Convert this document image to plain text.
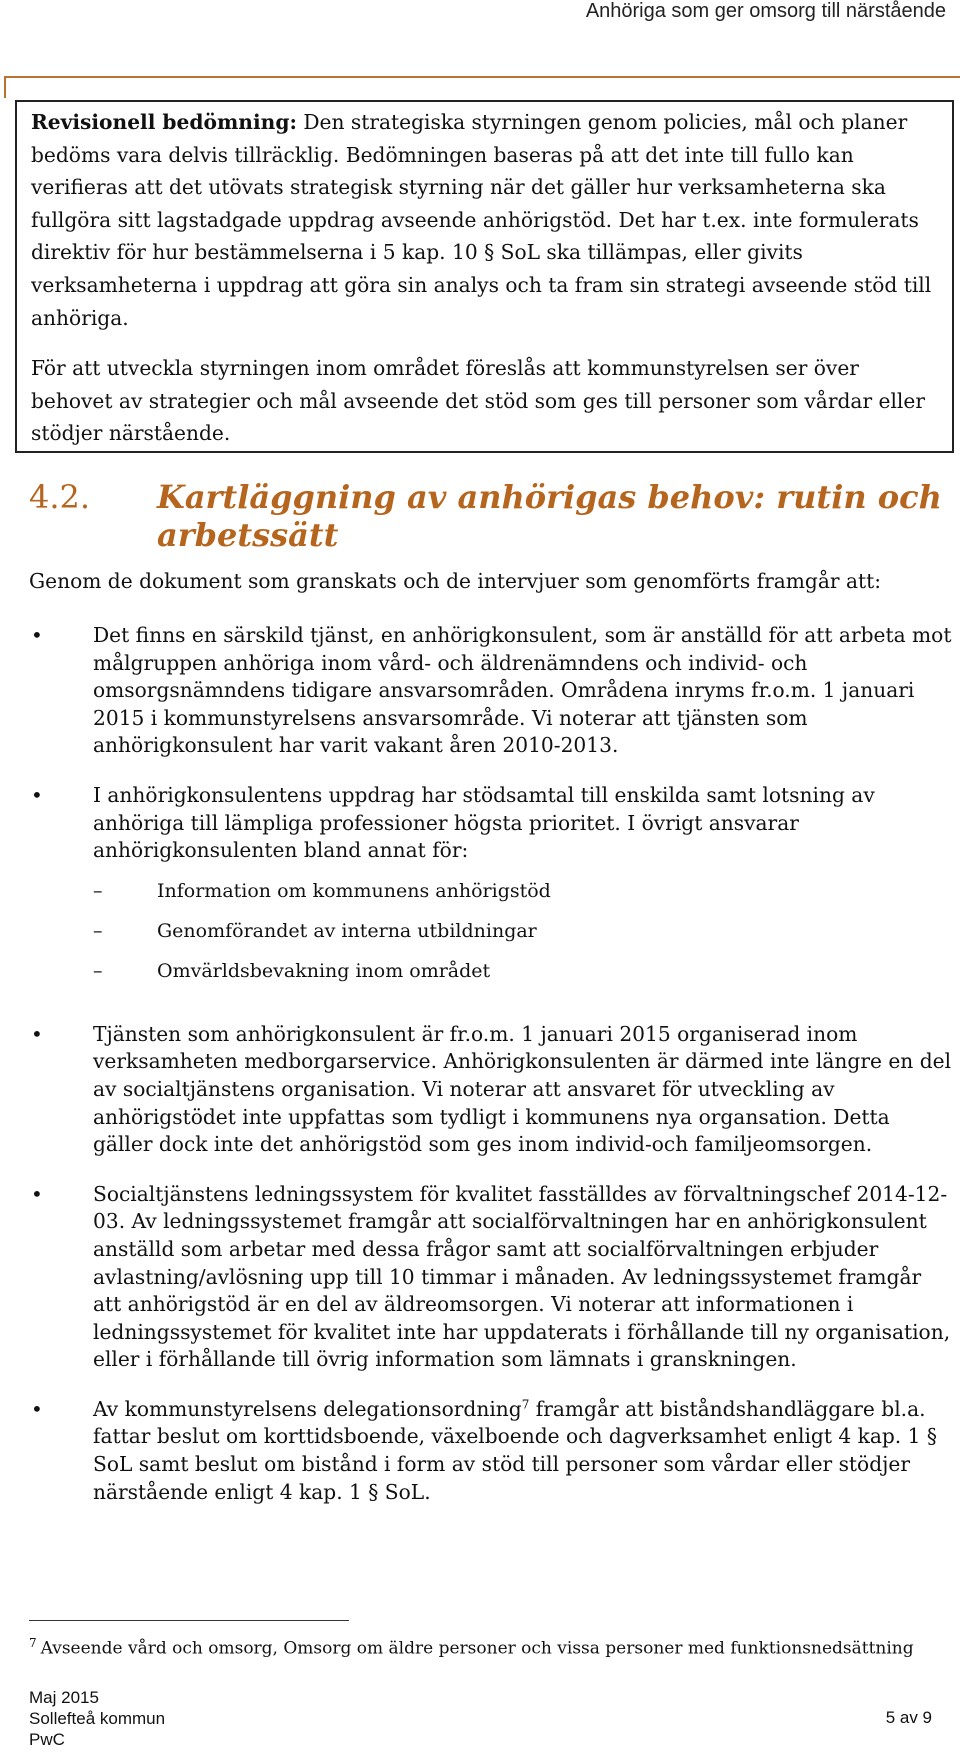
Anhöriga som ger omsorg till närstående

Revisionell bedömning: Den strategiska styrningen genom policies, mål och planer bedöms vara delvis tillräcklig. Bedömningen baseras på att det inte till fullo kan verifieras att det utövats strategisk styrning när det gäller hur verksamheterna ska fullgöra sitt lagstadgade uppdrag avseende anhörigstöd. Det har t.ex. inte formulerats direktiv för hur bestämmelserna i 5 kap. 10 § SoL ska tillämpas, eller givits verksamheterna i uppdrag att göra sin analys och ta fram sin strategi avseende stöd till anhöriga.

För att utveckla styrningen inom området föreslås att kommunstyrelsen ser över behovet av strategier och mål avseende det stöd som ges till personer som vårdar eller stödjer närstående.

4.2. Kartläggning av anhörigas behov: rutin och arbetssätt
Genom de dokument som granskats och de intervjuer som genomförts framgår att:
• Det finns en särskild tjänst, en anhörigkonsulent, som är anställd för att arbeta mot målgruppen anhöriga inom vård- och äldrenämndens och individ- och omsorgsnämndens tidigare ansvarsområden. Områdena inryms fr.o.m. 1 januari 2015 i kommunstyrelsens ansvarsområde. Vi noterar att tjänsten som anhörigkonsulent har varit vakant åren 2010-2013.
• I anhörigkonsulentens uppdrag har stödsamtal till enskilda samt lotsning av anhöriga till lämpliga professioner högsta prioritet. I övrigt ansvarar anhörigkonsulenten bland annat för:
–	Information om kommunens anhörigstöd
–	Genomförandet av interna utbildningar
–	Omvärldsbevakning inom området
• Tjänsten som anhörigkonsulent är fr.o.m. 1 januari 2015 organiserad inom verksamheten medborgarservice. Anhörigkonsulenten är därmed inte längre en del av socialtjänstens organisation. Vi noterar att ansvaret för utveckling av anhörigstödet inte uppfattas som tydligt i kommunens nya organsation. Detta gäller dock inte det anhörigstöd som ges inom individ-och familjeomsorgen.
• Socialtjänstens ledningssystem för kvalitet fasställdes av förvaltningschef 2014-12-03. Av ledningssystemet framgår att socialförvaltningen har en anhörigkonsulent anställd som arbetar med dessa frågor samt att socialförvaltningen erbjuder avlastning/avlösning upp till 10 timmar i månaden. Av ledningssystemet framgår att anhörigstöd är en del av äldreomsorgen. Vi noterar att informationen i ledningssystemet för kvalitet inte har uppdaterats i förhållande till ny organisation, eller i förhållande till övrig information som lämnats i granskningen.
• Av kommunstyrelsens delegationsordning$^7$ framgår att biståndshandläggare bl.a. fattar beslut om korttidsboende, växelboende och dagverksamhet enligt 4 kap. 1 § SoL samt beslut om bistånd i form av stöd till personer som vårdar eller stödjer närstående enligt 4 kap. 1 § SoL.
$^7$ Avseende vård och omsorg, Omsorg om äldre personer och vissa personer med funktionsnedsättning
Maj 2015
Sollefteå kommun
PwC
5 av 9
